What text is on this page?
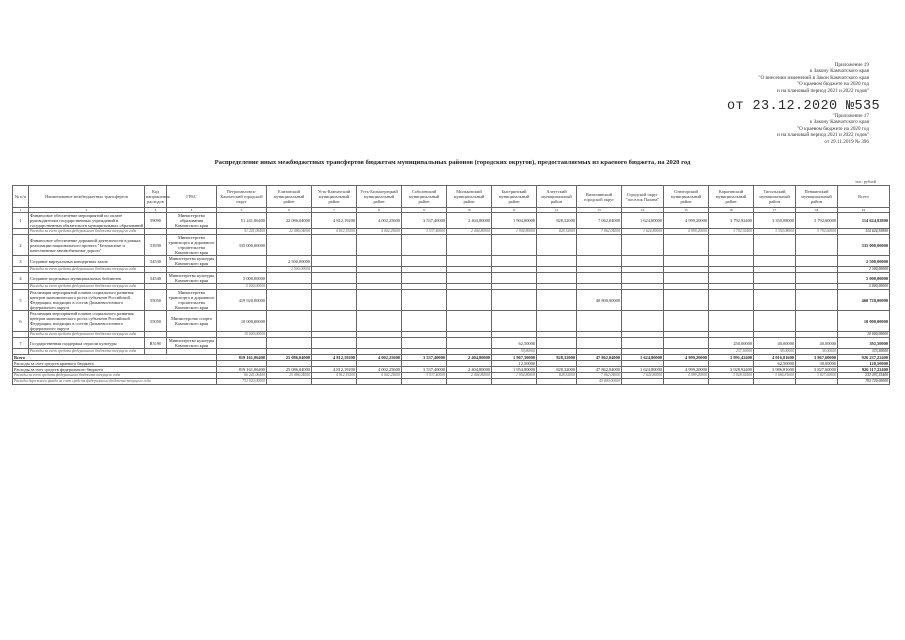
Приложение 19
к Закону Камчатского края
"О внесении изменений в Закон Камчатского края
"О краевом бюджете на 2020 год
и на плановый период 2021 и 2022 годов"
от 23.12.2020 №535
"Приложение 17
к Закону Камчатского края
"О краевом бюджете на 2020 год
и на плановый период 2021 и 2022 годов"
от 29.11.2019 № 396
Распределение иных межбюджетных трансфертов бюджетам муниципальных районов (городских округов), предоставляемых из краевого бюджета, на 2020 год
тыс. рублей
№ п/п	Наименование межбюджетных трансфертов	Код направления расходов	ГРБС	Петропавловск-Камчатский городской округ	Елизовский муниципальный район	Усть-Камчатский муниципальный район	Усть-Большерецкий муниципальный район	Соболевский муниципальный район	Мильковский муниципальный район	Быстринский муниципальный район	Алеутский муниципальный район	Вилючинский городской округ	Городской округ "поселок Палана"	Олюторский муниципальный район	Карагинский муниципальный район	Тигильский муниципальный район	Пенжинский муниципальный район	Всего
1	2	3	4	5	6	7	8	9	10	11	12	13	14	15	16	17	18	19
1	Финансовое обеспечение мероприятий по оплате руководителям государственных учреждений и государственных обязательств муниципальных образований	59090	Министерство образования Камчатского края	51 241,06400	22 086,04000	4 812,19200	4 002,25600	3 537,40000	2 404,80000	1 904,80000	828,32000	7 062,04000	1 624,80000	4 999,20000	3 792,92400	3 350,08000	3 792,60000	114 624,92800
	Расходы за счет средств федерального бюджета текущего года			51 241,06400	22 086,04000	4 812,19200	4 002,25600	3 537,40000	2 404,80000	1 904,80000	828,32000	7 062,04000	1 624,80000	4 999,20000	3 792,92400	3 350,08000	3 792,60000	114 624,92800
2	Финансовое обеспечение дорожной деятельности в рамках реализации национального проекта "Безопасные и качественные автомобильные дороги"	53930	Министерство транспорта и дорожного строительства Камчатского края	335 000,00000														335 000,00000
3	Создание виртуальных концертных залов	54530	Министерство культуры Камчатского края		2 500,00000													2 500,00000
	Расходы за счет средств федерального бюджета текущего года				2 500,00000													2 500,00000
4	Создание модельных муниципальных библиотек	54540	Министерство культуры Камчатского края	5 000,00000														5 000,00000
	Расходы за счет средств федерального бюджета текущего года			5 000,00000														5 000,00000
5	Реализация мероприятий планов социального развития центров экономического роста субъектов Российской Федерации, входящих в состав Дальневосточного федерального округа	55050	Министерство транспорта и дорожного строительства Камчатского края	419 920,00000								40 800,00000						460 720,00000
6	Реализация мероприятий планов социального развития центров экономического роста субъектов Российской Федерации, входящих в состав Дальневосточного федерального округа	55050	Министерство спорта Камчатского края	10 000,00000														10 000,00000
	Расходы за счет средств федерального бюджета текущего года			10 000,00000														10 000,00000
7	Государственная поддержка отрасли культуры	R5190	Министерство культуры Камчатского края							62,50000					250,00000	40,00000	40,00000	392,50000
	Расходы за счет средств федерального бюджета текущего года									59,80000					237,50000	38,00000	38,00000	373,30000
Всего				819 161,06400	25 086,04000	4 812,19200	4 002,25600	3 537,40000	2 404,80000	1 967,30000	828,32000	47 862,04000	1 624,80000	4 999,20000	3 991,42400	4 016,81600	3 867,60000	926 237,22400
Расходы за счет средств краевого бюджета										12,50000						62,50000	30,00000	120,50000
Расходы за счет средств федерального бюджета				819 161,06400	25 086,04000	4 812,19200	4 002,25600	3 537,40000	2 404,80000	1 954,80000	828,32000	47 862,04000	1 624,80000	4 999,20000	3 928,92400	3 986,81600	3 827,60000	926 117,22400
Расходы за счет средств федерального бюджета текущего года				66 241,06400	25 086,04000	4 812,19200	4 002,25600	3 537,40000	2 404,80000	1 954,80000	828,32000	7 062,04000	1 624,80000	4 999,20000	3 928,92400	3 686,81600	3 827,60000	232 297,22400
Расходы дорожного фонда за счет средств федерального бюджета текущего года				752 920,00000								40 800,00000						793 720,00000
